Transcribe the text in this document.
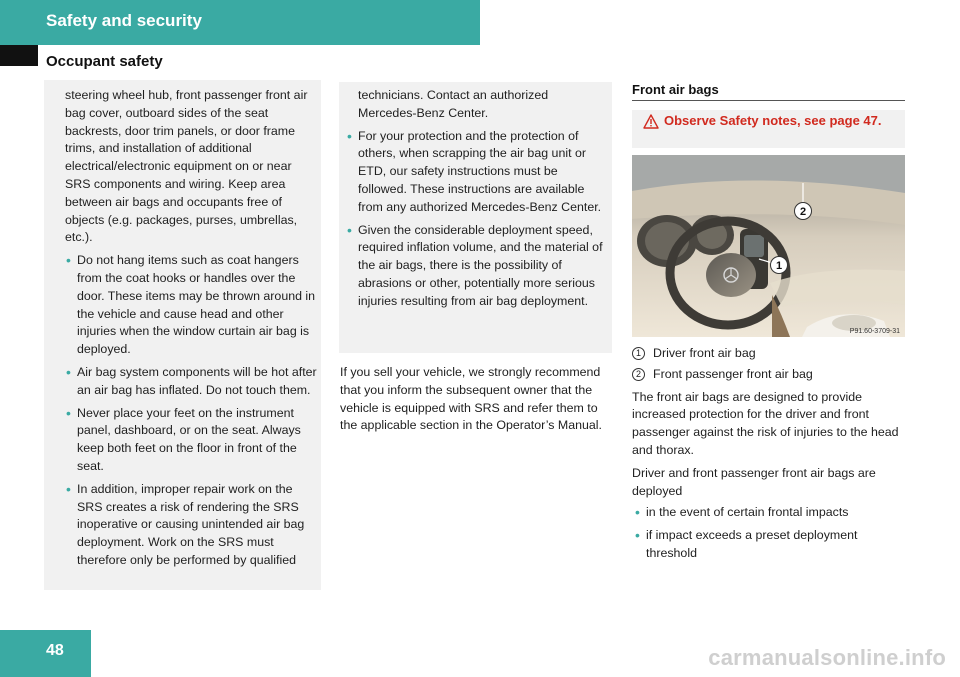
Safety and security
Occupant safety
steering wheel hub, front passenger front air bag cover, outboard sides of the seat backrests, door trim panels, or door frame trims, and installation of additional electrical/electronic equipment on or near SRS components and wiring. Keep area between air bags and occupants free of objects (e.g. packages, purses, umbrellas, etc.).
• Do not hang items such as coat hangers from the coat hooks or handles over the door. These items may be thrown around in the vehicle and cause head and other injuries when the window curtain air bag is deployed.
• Air bag system components will be hot after an air bag has inflated. Do not touch them.
• Never place your feet on the instrument panel, dashboard, or on the seat. Always keep both feet on the floor in front of the seat.
• In addition, improper repair work on the SRS creates a risk of rendering the SRS inoperative or causing unintended air bag deployment. Work on the SRS must therefore only be performed by qualified
technicians. Contact an authorized Mercedes-Benz Center.
• For your protection and the protection of others, when scrapping the air bag unit or ETD, our safety instructions must be followed. These instructions are available from any authorized Mercedes-Benz Center.
• Given the considerable deployment speed, required inflation volume, and the material of the air bags, there is the possibility of abrasions or other, potentially more serious injuries resulting from air bag deployment.
If you sell your vehicle, we strongly recommend that you inform the subsequent owner that the vehicle is equipped with SRS and refer them to the applicable section in the Operator’s Manual.
Front air bags
Observe Safety notes, see page 47.
1
2
P91.60-3709-31
1 Driver front air bag
2 Front passenger front air bag
The front air bags are designed to provide increased protection for the driver and front passenger against the risk of injuries to the head and thorax.
Driver and front passenger front air bags are deployed
• in the event of certain frontal impacts
• if impact exceeds a preset deployment threshold
48	carmanualsonline.info
